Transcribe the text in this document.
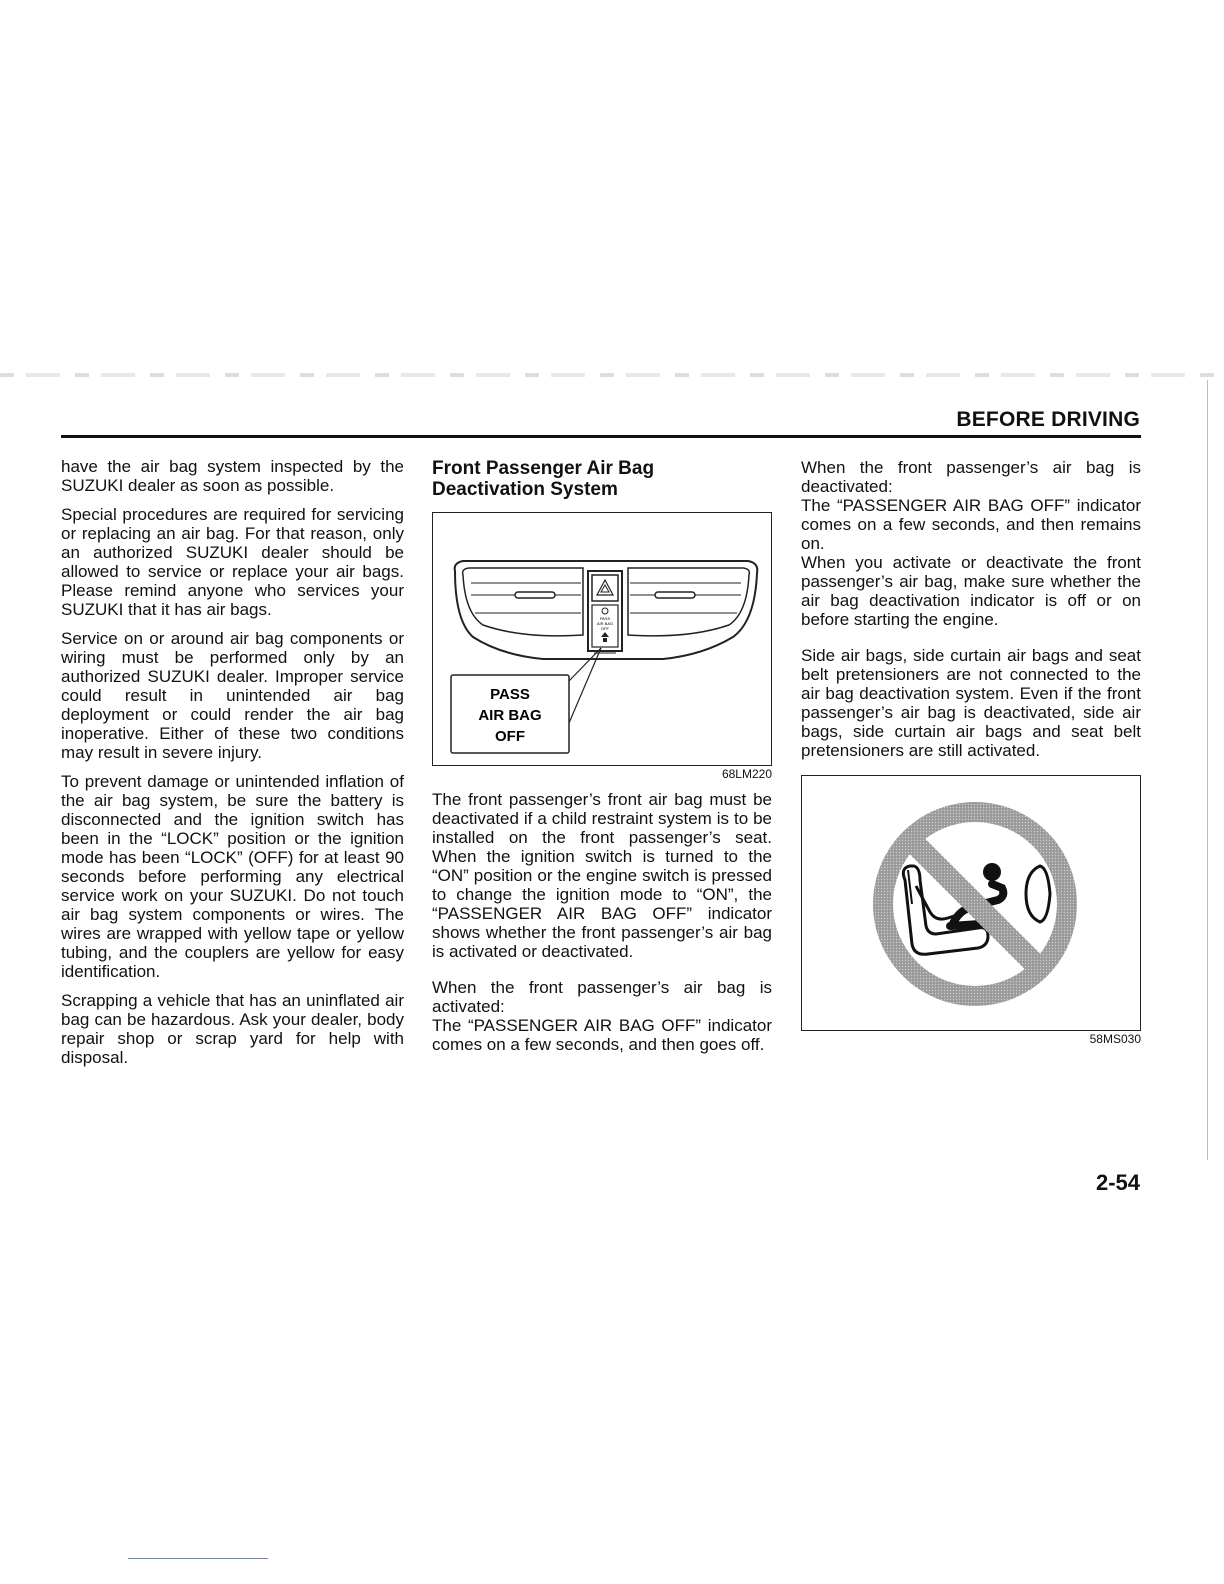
BEFORE DRIVING

have the air bag system inspected by the SUZUKI dealer as soon as possible.

Special procedures are required for servicing or replacing an air bag. For that reason, only an authorized SUZUKI dealer should be allowed to service or replace your air bags. Please remind anyone who services your SUZUKI that it has air bags.

Service on or around air bag components or wiring must be performed only by an authorized SUZUKI dealer. Improper service could result in unintended air bag deployment or could render the air bag inoperative. Either of these two conditions may result in severe injury.

To prevent damage or unintended inflation of the air bag system, be sure the battery is disconnected and the ignition switch has been in the “LOCK” position or the ignition mode has been “LOCK” (OFF) for at least 90 seconds before performing any electrical service work on your SUZUKI. Do not touch air bag system components or wires. The wires are wrapped with yellow tape or yellow tubing, and the couplers are yellow for easy identification.

Scrapping a vehicle that has an uninflated air bag can be hazardous. Ask your dealer, body repair shop or scrap yard for help with disposal.

Front Passenger Air Bag Deactivation System
PASS
AIR BAG
OFF
PASS
AIR BAG
OFF
68LM220

The front passenger’s front air bag must be deactivated if a child restraint system is to be installed on the front passenger’s seat. When the ignition switch is turned to the “ON” position or the engine switch is pressed to change the ignition mode to “ON”, the “PASSENGER AIR BAG OFF” indicator shows whether the front passenger’s air bag is activated or deactivated.

When the front passenger’s air bag is activated:

The “PASSENGER AIR BAG OFF” indicator comes on a few seconds, and then goes off.

When the front passenger’s air bag is deactivated:

The “PASSENGER AIR BAG OFF” indicator comes on a few seconds, and then remains on.

When you activate or deactivate the front passenger’s air bag, make sure whether the air bag deactivation indicator is off or on before starting the engine.

Side air bags, side curtain air bags and seat belt pretensioners are not connected to the air bag deactivation system. Even if the front passenger’s air bag is deactivated, side air bags, side curtain air bags and seat belt pretensioners are still activated.

58MS030
2-54
